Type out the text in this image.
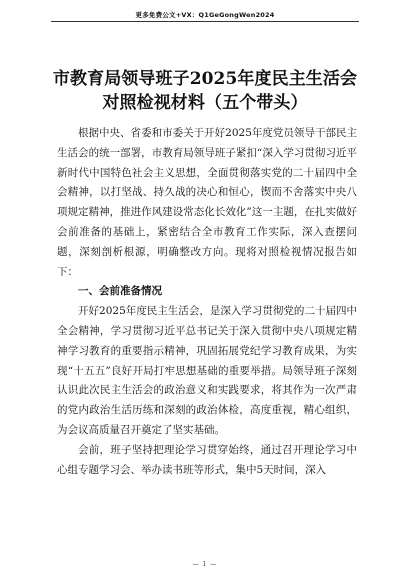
更多免费公文+VX：Q1GeGongWen2024
市教育局领导班子2025年度民主生活会
对照检视材料（五个带头）

根据中央、省委和市委关于开好2025年度党员领导干部民主生活会的统一部署，市教育局领导班子紧扣“深入学习贯彻习近平新时代中国特色社会主义思想，全面贯彻落实党的二十届四中全会精神，以打坚战、持久战的决心和恒心，锲而不舍落实中央八项规定精神，推进作风建设常态化长效化”这一主题，在扎实做好会前准备的基础上，紧密结合全市教育工作实际，深入查摆问题，深刻剖析根源，明确整改方向。现将对照检视情况报告如下：

一、会前准备情况

开好2025年度民主生活会，是深入学习贯彻党的二十届四中全会精神，学习贯彻习近平总书记关于深入贯彻中央八项规定精神学习教育的重要指示精神，巩固拓展党纪学习教育成果，为实现“十五五”良好开局打牢思想基础的重要举措。局领导班子深刻认识此次民主生活会的政治意义和实践要求，将其作为一次严肃的党内政治生活历练和深刻的政治体检，高度重视，精心组织，为会议高质量召开奠定了坚实基础。

会前，班子坚持把理论学习贯穿始终，通过召开理论学习中心组专题学习会、举办读书班等形式，集中5天时间，深入

— 1 —
